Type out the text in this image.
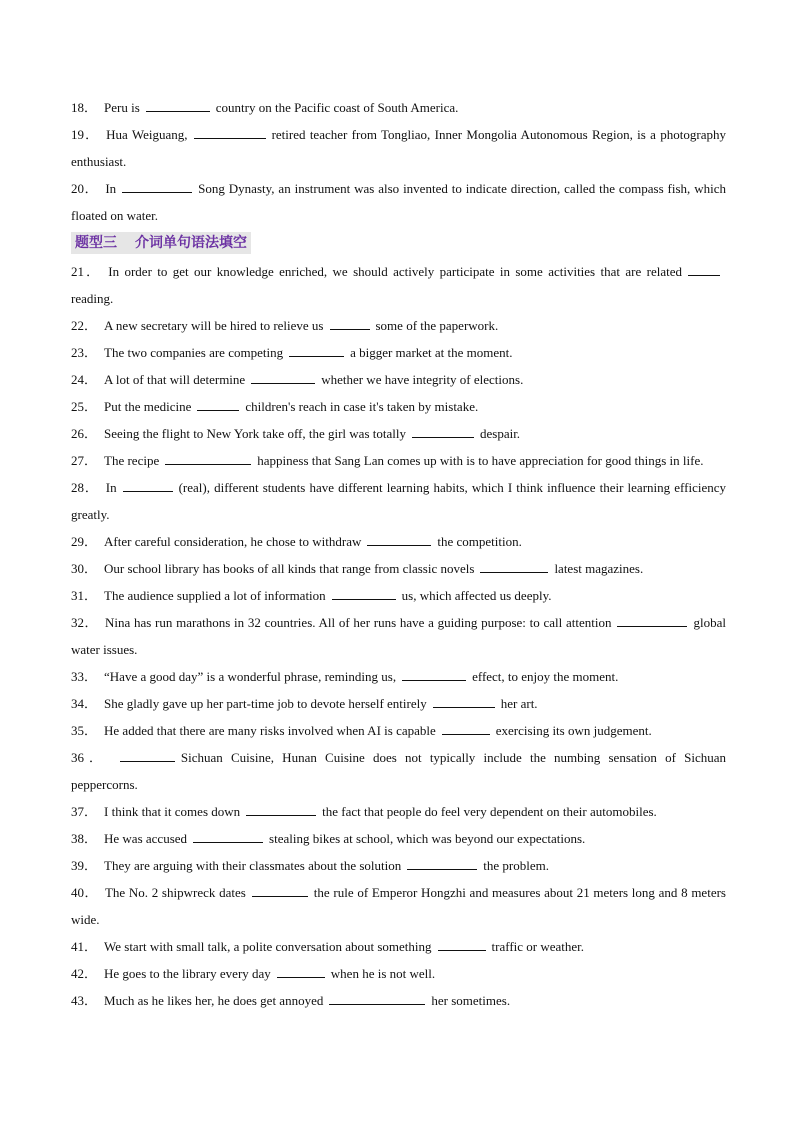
18． Peru is	country on the Pacific coast of South America.

19． Hua Weiguang,	retired teacher from Tongliao, Inner Mongolia Autonomous Region, is a photography enthusiast.

20． In	Song Dynasty, an instrument was also invented to indicate direction, called the compass fish, which floated on water.

题型三 介词单句语法填空

21． In order to get our knowledge enriched, we should actively participate in some activities that are relatedreading.

22． A new secretary will be hired to relieve us	some of the paperwork.

23． The two companies are competing	a bigger market at the moment.

24． A lot of that will determine	whether we have integrity of elections.

25． Put the medicine	children's reach in case it's taken by mistake.

26． Seeing the flight to New York take off, the girl was totally	despair.

27． The recipe	happiness that Sang Lan comes up with is to have appreciation for good things in life.

28． In	(real), different students have different learning habits, which I think influence their learning efficiency greatly.

29． After careful consideration, he chose to withdraw	the competition.

30． Our school library has books of all kinds that range from classic novels	latest magazines.

31． The audience supplied a lot of information	us, which affected us deeply.

32． Nina has run marathons in 32 countries. All of her runs have a guiding purpose: to call attention	global water issues.

33． “Have a good day” is a wonderful phrase, reminding us,	effect, to enjoy the moment.

34． She gladly gave up her part-time job to devote herself entirely	her art.

35． He added that there are many risks involved when AI is capable	exercising its own judgement.

36．	Sichuan Cuisine, Hunan Cuisine does not typically include the numbing sensation of Sichuan peppercorns.

37． I think that it comes down	the fact that people do feel very dependent on their automobiles.

38． He was accused	stealing bikes at school, which was beyond our expectations.

39． They are arguing with their classmates about the solution	the problem.

40． The No. 2 shipwreck dates	the rule of Emperor Hongzhi and measures about 21 meters long and 8 meters wide.

41． We start with small talk, a polite conversation about something	traffic or weather.

42． He goes to the library every day	when he is not well.

43． Much as he likes her, he does get annoyed	her sometimes.
